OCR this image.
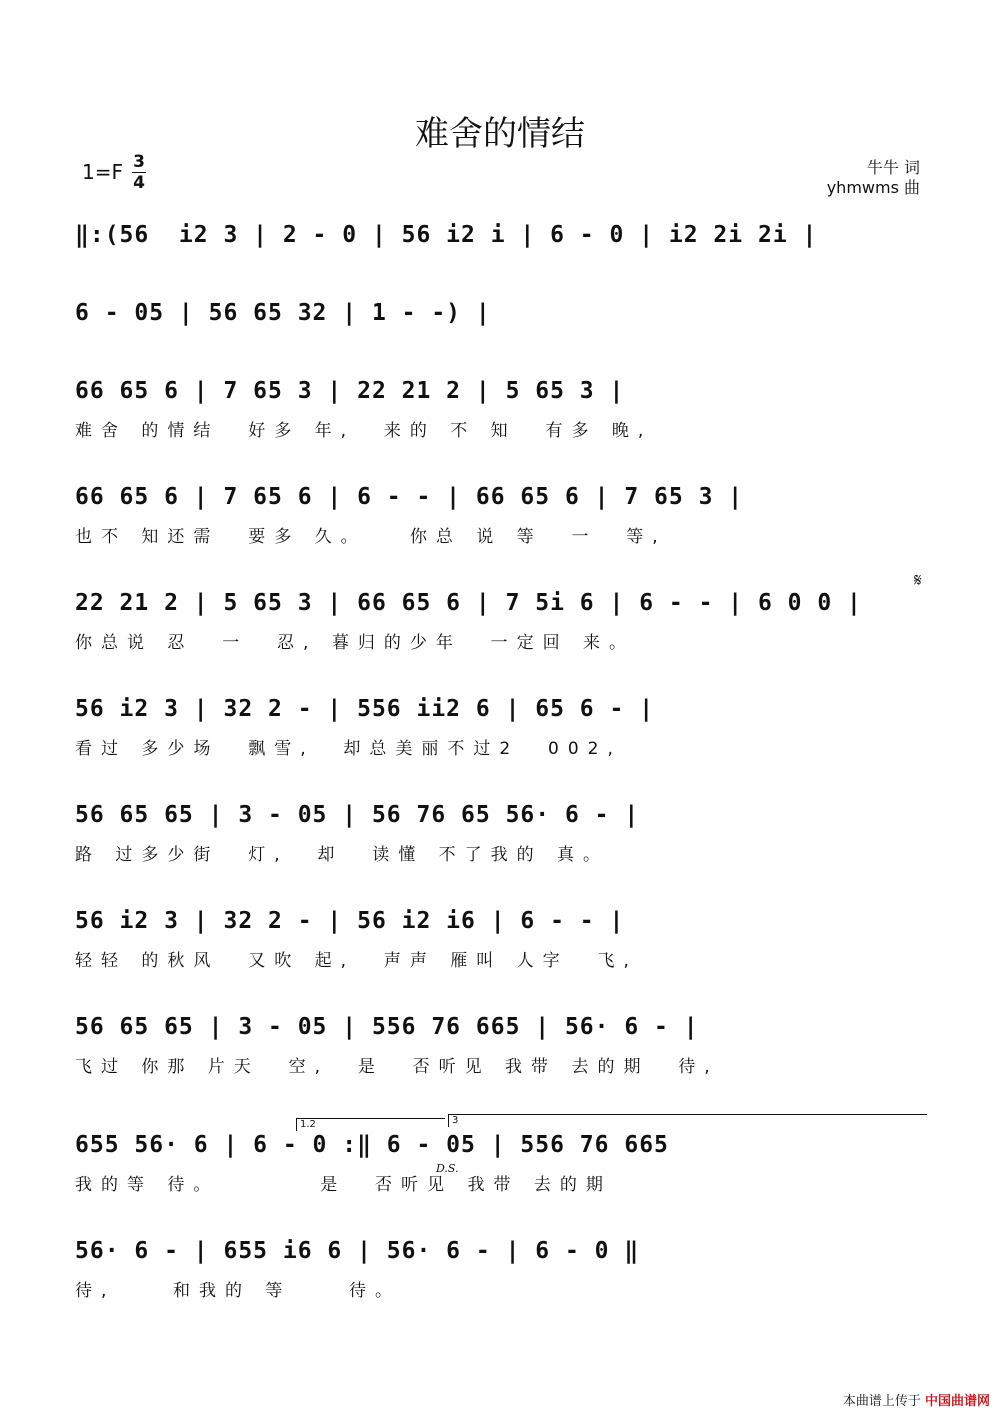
难舍的情结
1=F 3
4
牛牛 词
yhmwms 曲
‖:(56  i2 3 | 2 - 0 | 56 i2 i | 6 - 0 | i2 2i 2i |
6 - 05 | 56 65 32 | 1 - -) |
66 65 6 | 7 65 3 | 22 21 2 | 5 65 3 |
难舍 的情结  好多 年,  来的 不 知  有多 晚,
66 65 6 | 7 65 6 | 6 - - | 66 65 6 | 7 65 3 |
也不 知还需  要多 久。   你总 说 等  一  等,
22 21 2 | 5 65 3 | 66 65 6 | 7 5i 6 | 6 - - | 6 0 0 |
你总说 忍  一  忍, 暮归的少年  一定回 来。
𝄋
56 i2 3 | 32 2 - | 556 ii2 6 | 65 6 - |
看过 多少场  飘雪,  却总美丽不过2  002,
56 65 65 | 3 - 05 | 56 76 65 56· 6 - |
路 过多少街  灯,  却  读懂 不了我的 真。
56 i2 3 | 32 2 - | 56 i2 i6 | 6 - - |
轻轻 的秋风  又吹 起,  声声 雁叫 人字  飞,
56 65 65 | 3 - 05 | 556 76 665 | 56· 6 - |
飞过 你那 片天  空,  是  否听见 我带 去的期  待,
655 56· 6 | 6 - 0 :‖ 6 - 05 | 556 76 665
我的等 待。       是  否听见 我带 去的期
1.2	3
D.S.
56· 6 - | 655 i6 6 | 56· 6 - | 6 - 0 ‖
待,    和我的 等    待。
本曲谱上传于 中国曲谱网
